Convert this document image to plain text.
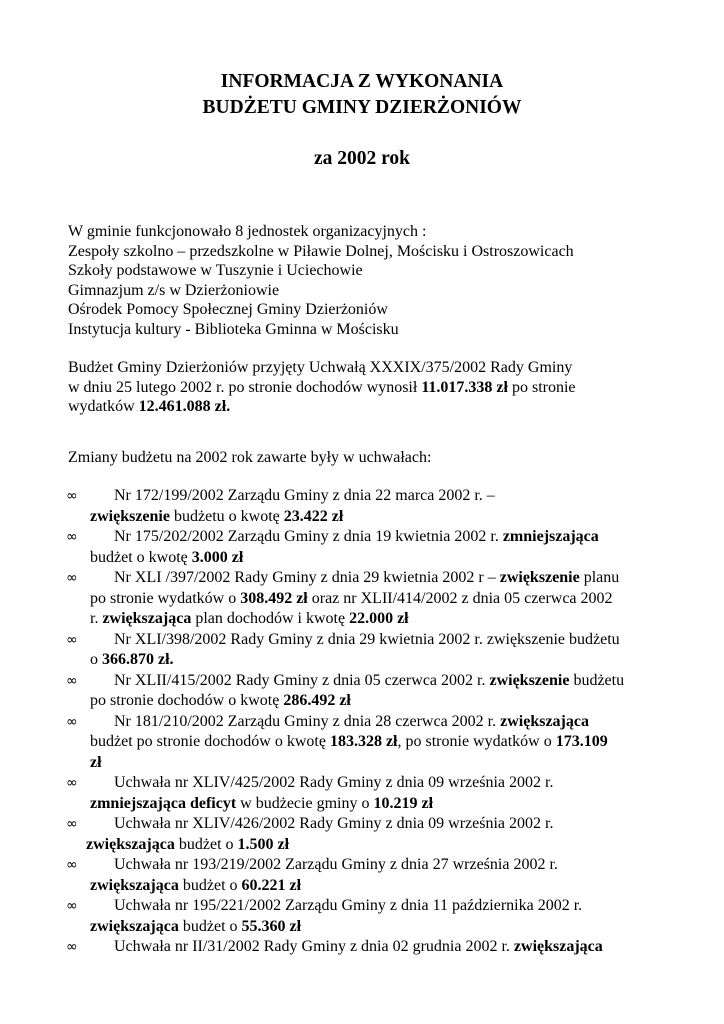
INFORMACJA Z WYKONANIA
BUDŻETU GMINY DZIERŻONIÓW
za 2002 rok
W gminie funkcjonowało 8 jednostek organizacyjnych :
Zespoły szkolno – przedszkolne w Piławie Dolnej, Mościsku i Ostroszowicach
Szkoły podstawowe w Tuszynie i Uciechowie
Gimnazjum z/s w Dzierżoniowie
Ośrodek Pomocy Społecznej Gminy Dzierżoniów
Instytucja kultury - Biblioteka Gminna w Mościsku
Budżet Gminy Dzierżoniów przyjęty Uchwałą XXXIX/375/2002 Rady Gminy
w dniu 25 lutego 2002 r. po stronie dochodów wynosił 11.017.338 zł po stronie
wydatków 12.461.088 zł.
Zmiany budżetu na 2002 rok zawarte były w uchwałach:
∞	Nr 172/199/2002 Zarządu Gminy z dnia 22 marca 2002 r. –
zwiększenie budżetu o kwotę 23.422 zł
∞	Nr 175/202/2002 Zarządu Gminy z dnia 19 kwietnia 2002 r. zmniejszająca
budżet o kwotę 3.000 zł
∞	Nr XLI /397/2002 Rady Gminy z dnia 29 kwietnia 2002 r – zwiększenie planu
po stronie wydatków o 308.492 zł oraz nr XLII/414/2002 z dnia 05 czerwca 2002
r. zwiększająca plan dochodów i kwotę 22.000 zł
∞	Nr XLI/398/2002 Rady Gminy z dnia 29 kwietnia 2002 r. zwiększenie budżetu
o 366.870 zł.
∞	Nr XLII/415/2002 Rady Gminy z dnia 05 czerwca 2002 r. zwiększenie budżetu
po stronie dochodów o kwotę 286.492 zł
∞	Nr 181/210/2002 Zarządu Gminy z dnia 28 czerwca 2002 r. zwiększająca
budżet po stronie dochodów o kwotę 183.328 zł, po stronie wydatków o 173.109
zł
∞	Uchwała nr XLIV/425/2002 Rady Gminy z dnia 09 września 2002 r.
zmniejszająca deficyt w budżecie gminy o 10.219 zł
∞	Uchwała nr XLIV/426/2002 Rady Gminy z dnia 09 września 2002 r.
zwiększająca budżet o 1.500 zł
∞	Uchwała nr 193/219/2002 Zarządu Gminy z dnia 27 września 2002 r.
zwiększająca budżet o 60.221 zł
∞	Uchwała nr 195/221/2002 Zarządu Gminy z dnia 11 października 2002 r.
zwiększająca budżet o 55.360 zł
∞	Uchwała nr II/31/2002 Rady Gminy z dnia 02 grudnia 2002 r. zwiększająca
